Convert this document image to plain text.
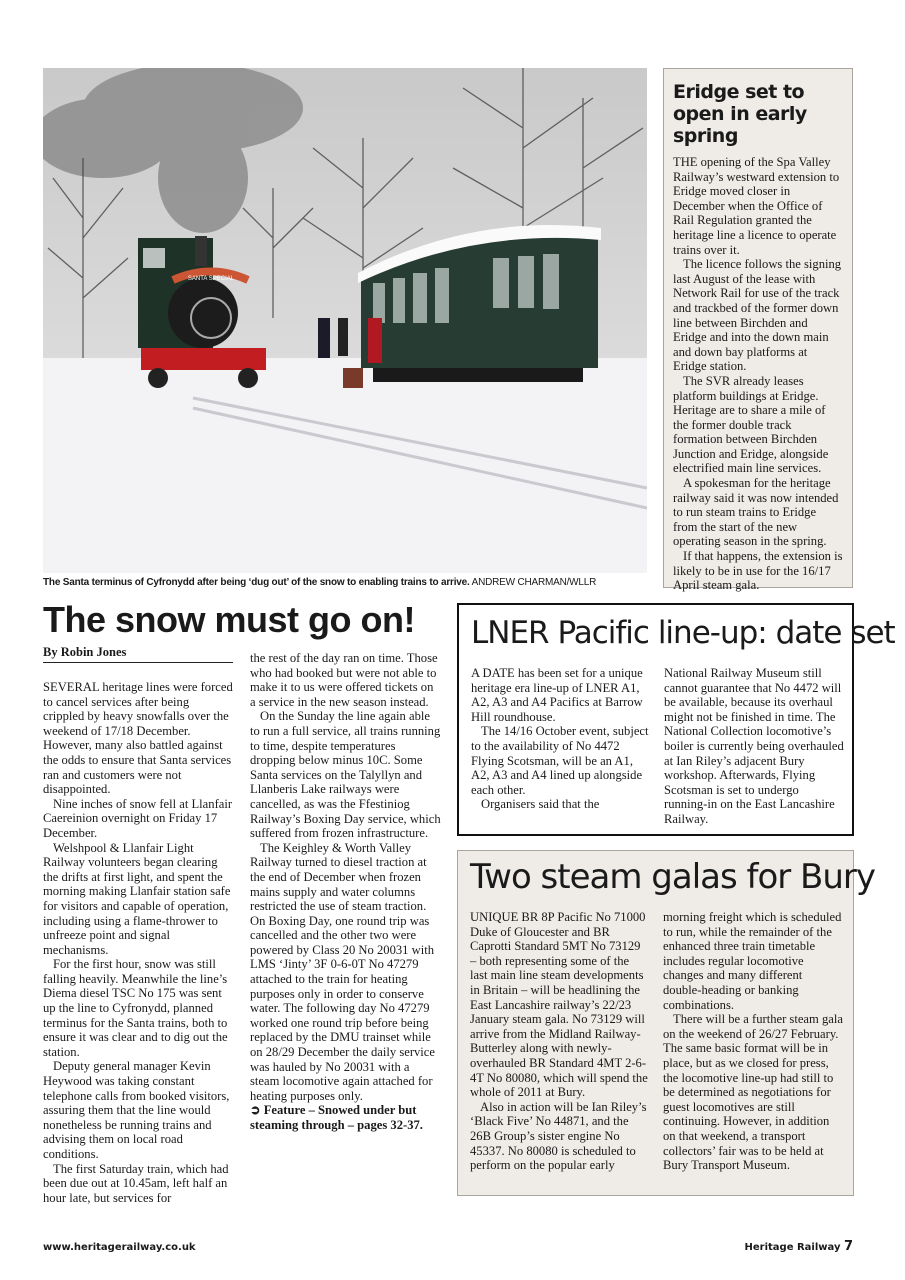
SANTA SPECIAL
The Santa terminus of Cyfronydd after being ‘dug out’ of the snow to enabling trains to arrive. ANDREW CHARMAN/WLLR
Eridge set to open in early spring

THE opening of the Spa Valley Railway’s westward extension to Eridge moved closer in December when the Office of Rail Regulation granted the heritage line a licence to operate trains over it.

The licence follows the signing last August of the lease with Network Rail for use of the track and trackbed of the former down line between Birchden and Eridge and into the down main and down bay platforms at Eridge station.

The SVR already leases platform buildings at Eridge. Heritage are to share a mile of the former double track formation between Birchden Junction and Eridge, alongside electrified main line services.

A spokesman for the heritage railway said it was now intended to run steam trains to Eridge from the start of the new operating season in the spring.

If that happens, the extension is likely to be in use for the 16/17 April steam gala.

The snow must go on!
By Robin Jones

SEVERAL heritage lines were forced to cancel services after being crippled by heavy snowfalls over the weekend of 17/18 December. However, many also battled against the odds to ensure that Santa services ran and customers were not disappointed.

Nine inches of snow fell at Llanfair Caereinion overnight on Friday 17 December.

Welshpool & Llanfair Light Railway volunteers began clearing the drifts at first light, and spent the morning making Llanfair station safe for visitors and capable of operation, including using a flame-thrower to unfreeze point and signal mechanisms.

For the first hour, snow was still falling heavily. Meanwhile the line’s Diema diesel TSC No 175 was sent up the line to Cyfronydd, planned terminus for the Santa trains, both to ensure it was clear and to dig out the station.

Deputy general manager Kevin Heywood was taking constant telephone calls from booked visitors, assuring them that the line would nonetheless be running trains and advising them on local road conditions.

The first Saturday train, which had been due out at 10.45am, left half an hour late, but services for

the rest of the day ran on time. Those who had booked but were not able to make it to us were offered tickets on a service in the new season instead.

On the Sunday the line again able to run a full service, all trains running to time, despite temperatures dropping below minus 10C. Some Santa services on the Talyllyn and Llanberis Lake railways were cancelled, as was the Ffestiniog Railway’s Boxing Day service, which suffered from frozen infrastructure.

The Keighley & Worth Valley Railway turned to diesel traction at the end of December when frozen mains supply and water columns restricted the use of steam traction. On Boxing Day, one round trip was cancelled and the other two were powered by Class 20 No 20031 with LMS ‘Jinty’ 3F 0-6-0T No 47279 attached to the train for heating purposes only in order to conserve water. The following day No 47279 worked one round trip before being replaced by the DMU trainset while on 28/29 December the daily service was hauled by No 20031 with a steam locomotive again attached for heating purposes only.

➲ Feature – Snowed under but steaming through – pages 32-37.

LNER Pacific line-up: date set

A DATE has been set for a unique heritage era line-up of LNER A1, A2, A3 and A4 Pacifics at Barrow Hill roundhouse.

The 14/16 October event, subject to the availability of No 4472 Flying Scotsman, will be an A1, A2, A3 and A4 lined up alongside each other.

Organisers said that the

National Railway Museum still cannot guarantee that No 4472 will be available, because its overhaul might not be finished in time. The National Collection locomotive’s boiler is currently being overhauled at Ian Riley’s adjacent Bury workshop. Afterwards, Flying Scotsman is set to undergo running-in on the East Lancashire Railway.

Two steam galas for Bury

UNIQUE BR 8P Pacific No 71000 Duke of Gloucester and BR Caprotti Standard 5MT No 73129 – both representing some of the last main line steam developments in Britain – will be headlining the East Lancashire railway’s 22/23 January steam gala. No 73129 will arrive from the Midland Railway-Butterley along with newly-overhauled BR Standard 4MT 2-6-4T No 80080, which will spend the whole of 2011 at Bury.

Also in action will be Ian Riley’s ‘Black Five’ No 44871, and the 26B Group’s sister engine No 45337. No 80080 is scheduled to perform on the popular early

morning freight which is scheduled to run, while the remainder of the enhanced three train timetable includes regular locomotive changes and many different double-heading or banking combinations.

There will be a further steam gala on the weekend of 26/27 February. The same basic format will be in place, but as we closed for press, the locomotive line-up had still to be determined as negotiations for guest locomotives are still continuing. However, in addition on that weekend, a transport collectors’ fair was to be held at Bury Transport Museum.

www.heritagerailway.co.uk	Heritage Railway 7
